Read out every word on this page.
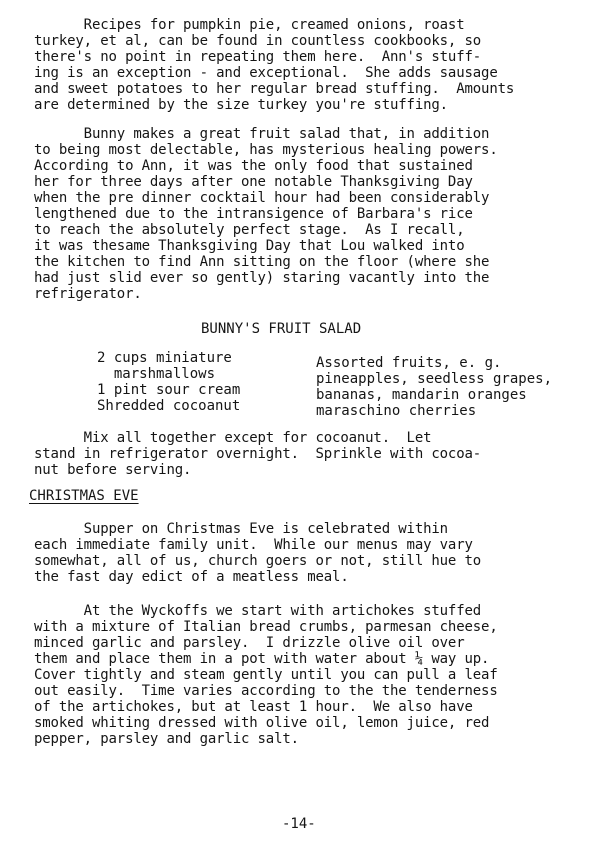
Recipes for pumpkin pie, creamed onions, roast
turkey, et al, can be found in countless cookbooks, so
there's no point in repeating them here.  Ann's stuff-
ing is an exception - and exceptional.  She adds sausage
and sweet potatoes to her regular bread stuffing.  Amounts
are determined by the size turkey you're stuffing.
Bunny makes a great fruit salad that, in addition
to being most delectable, has mysterious healing powers.
According to Ann, it was the only food that sustained
her for three days after one notable Thanksgiving Day
when the pre dinner cocktail hour had been considerably
lengthened due to the intransigence of Barbara's rice
to reach the absolutely perfect stage.  As I recall,
it was thesame Thanksgiving Day that Lou walked into
the kitchen to find Ann sitting on the floor (where she
had just slid ever so gently) staring vacantly into the
refrigerator.
BUNNY'S FRUIT SALAD
2 cups miniature
marshmallows
1 pint sour cream
Shredded cocoanut
Assorted fruits, e. g.
pineapples, seedless grapes,
bananas, mandarin oranges
maraschino cherries
Mix all together except for cocoanut.  Let
stand in refrigerator overnight.  Sprinkle with cocoa-
nut before serving.
CHRISTMAS EVE
Supper on Christmas Eve is celebrated within
each immediate family unit.  While our menus may vary
somewhat, all of us, church goers or not, still hue to
the fast day edict of a meatless meal.
At the Wyckoffs we start with artichokes stuffed
with a mixture of Italian bread crumbs, parmesan cheese,
minced garlic and parsley.  I drizzle olive oil over
them and place them in a pot with water about ¼ way up.
Cover tightly and steam gently until you can pull a leaf
out easily.  Time varies according to the the tenderness
of the artichokes, but at least 1 hour.  We also have
smoked whiting dressed with olive oil, lemon juice, red
pepper, parsley and garlic salt.
-14-
